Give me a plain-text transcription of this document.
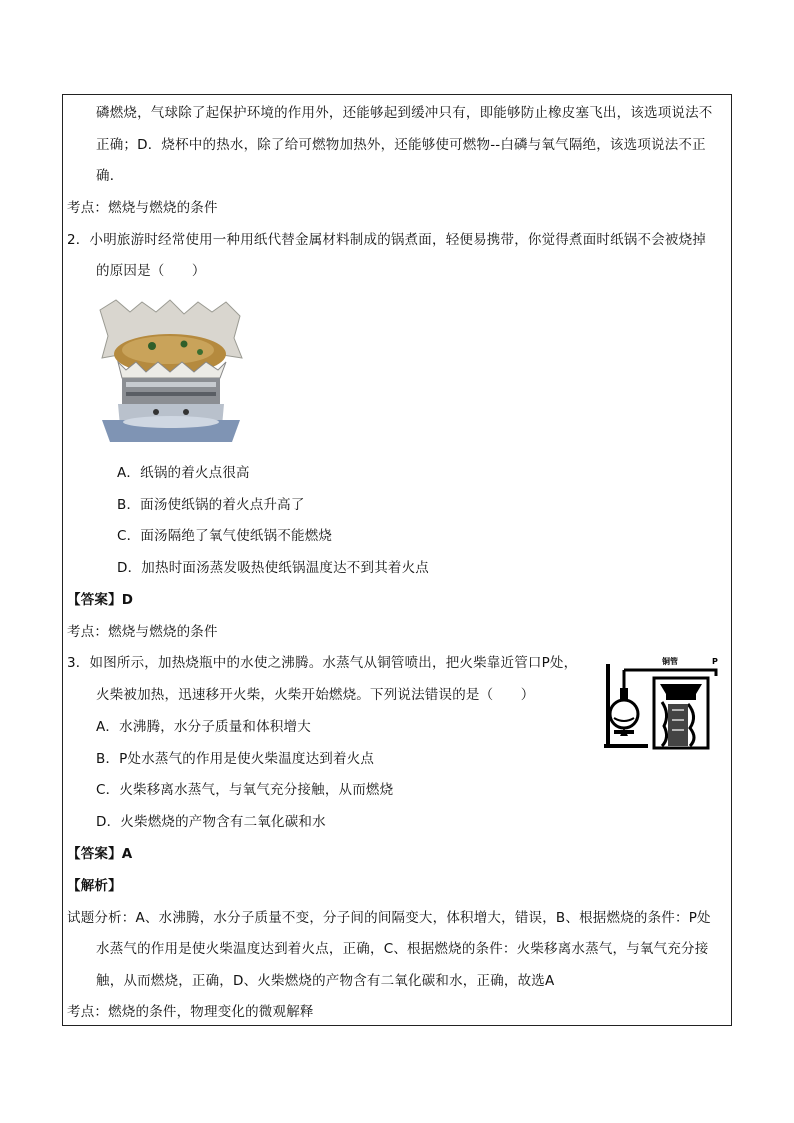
磷燃烧，气球除了起保护环境的作用外，还能够起到缓冲只有，即能够防止橡皮塞飞出，该选项说法不
正确；D．烧杯中的热水，除了给可燃物加热外，还能够使可燃物--白磷与氧气隔绝，该选项说法不正
确．
考点：燃烧与燃烧的条件
2．小明旅游时经常使用一种用纸代替金属材料制成的锅煮面，轻便易携带，你觉得煮面时纸锅不会被烧掉
的原因是（　　）
A．纸锅的着火点很高
B．面汤使纸锅的着火点升高了
C．面汤隔绝了氧气使纸锅不能燃烧
D．加热时面汤蒸发吸热使纸锅温度达不到其着火点
【答案】D
考点：燃烧与燃烧的条件
3．如图所示，加热烧瓶中的水使之沸腾。水蒸气从铜管喷出，把火柴靠近管口P处，
火柴被加热，迅速移开火柴，火柴开始燃烧。下列说法错误的是（　　）
铜管	P
A．水沸腾，水分子质量和体积增大
B．P处水蒸气的作用是使火柴温度达到着火点
C．火柴移离水蒸气，与氧气充分接触，从而燃烧
D．火柴燃烧的产物含有二氧化碳和水
【答案】A
【解析】
试题分析：A、水沸腾，水分子质量不变，分子间的间隔变大，体积增大，错误，B、根据燃烧的条件：P处
水蒸气的作用是使火柴温度达到着火点，正确，C、根据燃烧的条件：火柴移离水蒸气，与氧气充分接
触，从而燃烧，正确，D、火柴燃烧的产物含有二氧化碳和水，正确，故选A
考点：燃烧的条件，物理变化的微观解释
